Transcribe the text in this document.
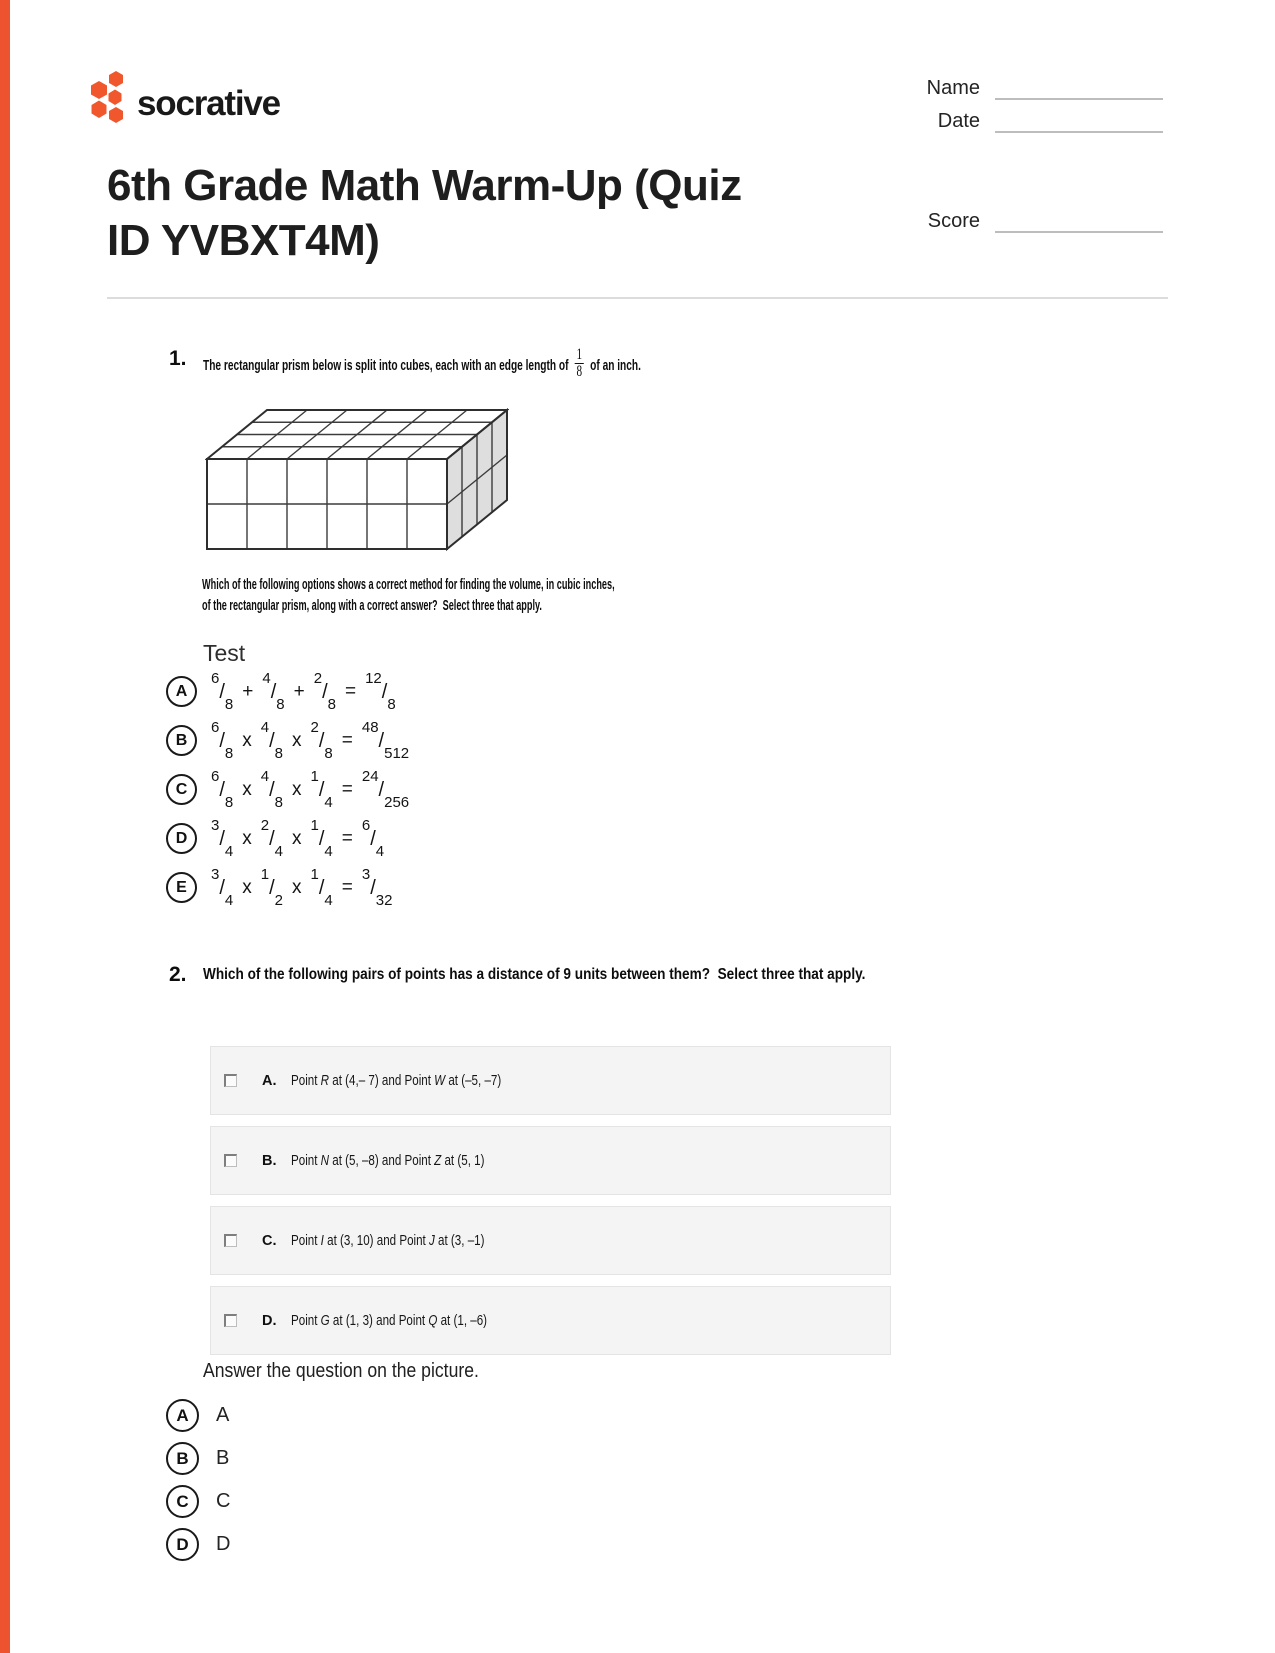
socrative	Name
Date
Score
6th Grade Math Warm-Up (Quiz
ID YVBXT4M)
1.	The rectangular prism below is split into cubes, each with an edge length of
1
8 of an inch.
Which of the following options shows a correct method for finding the volume, in cubic inches,
of the rectangular prism, along with a correct answer?  Select three that apply.
Test
A
$^6/_8$
+
$^4/_8$
+
$^2/_8$
=
$^{12}/_8$
B
$^6/_8$
x
$^4/_8$
x
$^2/_8$
=
$^{48}/_{512}$
C
$^6/_8$
x
$^4/_8$
x
$^1/_4$
=
$^{24}/_{256}$
D
$^3/_4$
x
$^2/_4$
x
$^1/_4$
=
$^6/_4$
E
$^3/_4$
x
$^1/_2$
x
$^1/_4$
=
$^3/_{32}$
2.	Which of the following pairs of points has a distance of 9 units between them?  Select three that apply.
A. Point R at (4,– 7) and Point W at (–5, –7)
B. Point N at (5, –8) and Point Z at (5, 1)
C. Point I at (3, 10) and Point J at (3, –1)
D. Point G at (1, 3) and Point Q at (1, –6)
Answer the question on the picture.
A	A
B	B
C	C
D	D
